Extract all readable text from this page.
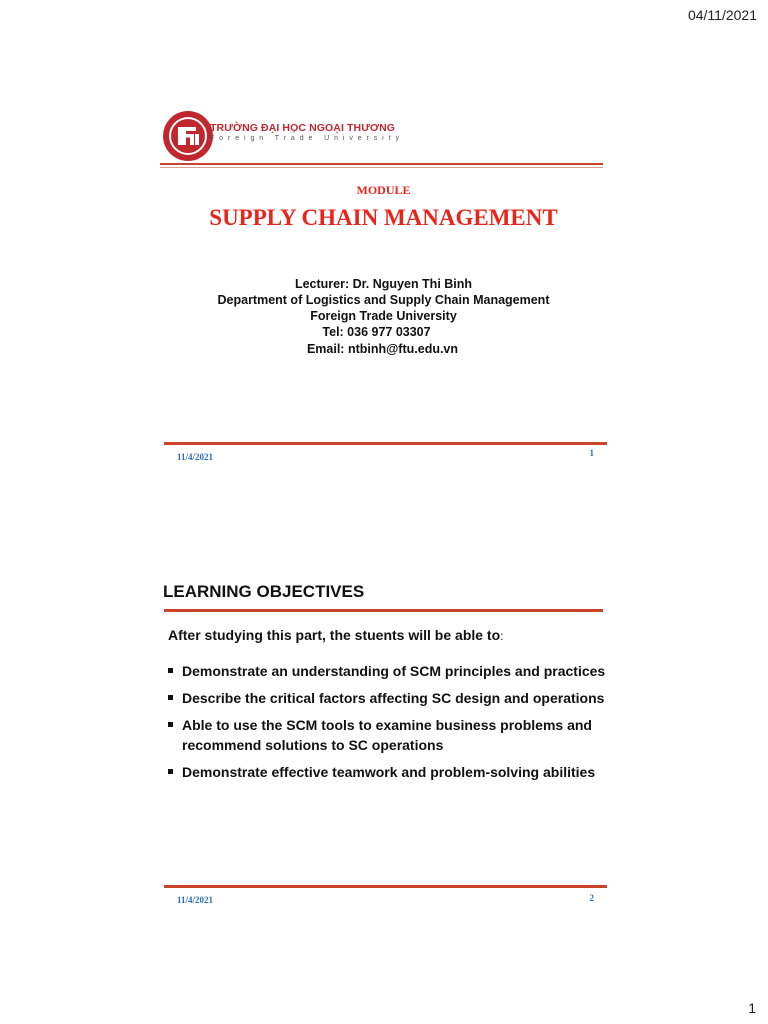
04/11/2021
TRƯỜNG ĐẠI HỌC NGOẠI THƯƠNG
Foreign Trade University
MODULE
SUPPLY CHAIN MANAGEMENT
Lecturer: Dr. Nguyen Thi Binh
Department of Logistics and Supply Chain Management
Foreign Trade University
Tel: 036 977 03307
Email: ntbinh@ftu.edu.vn
11/4/2021	1
LEARNING OBJECTIVES
After studying this part, the stuents will be able to:
Demonstrate an understanding of SCM principles and practices
Describe the critical factors affecting SC design and operations
Able to use the SCM tools to examine business problems and recommend solutions to SC operations
Demonstrate effective teamwork and problem-solving abilities
11/4/2021	2
1
